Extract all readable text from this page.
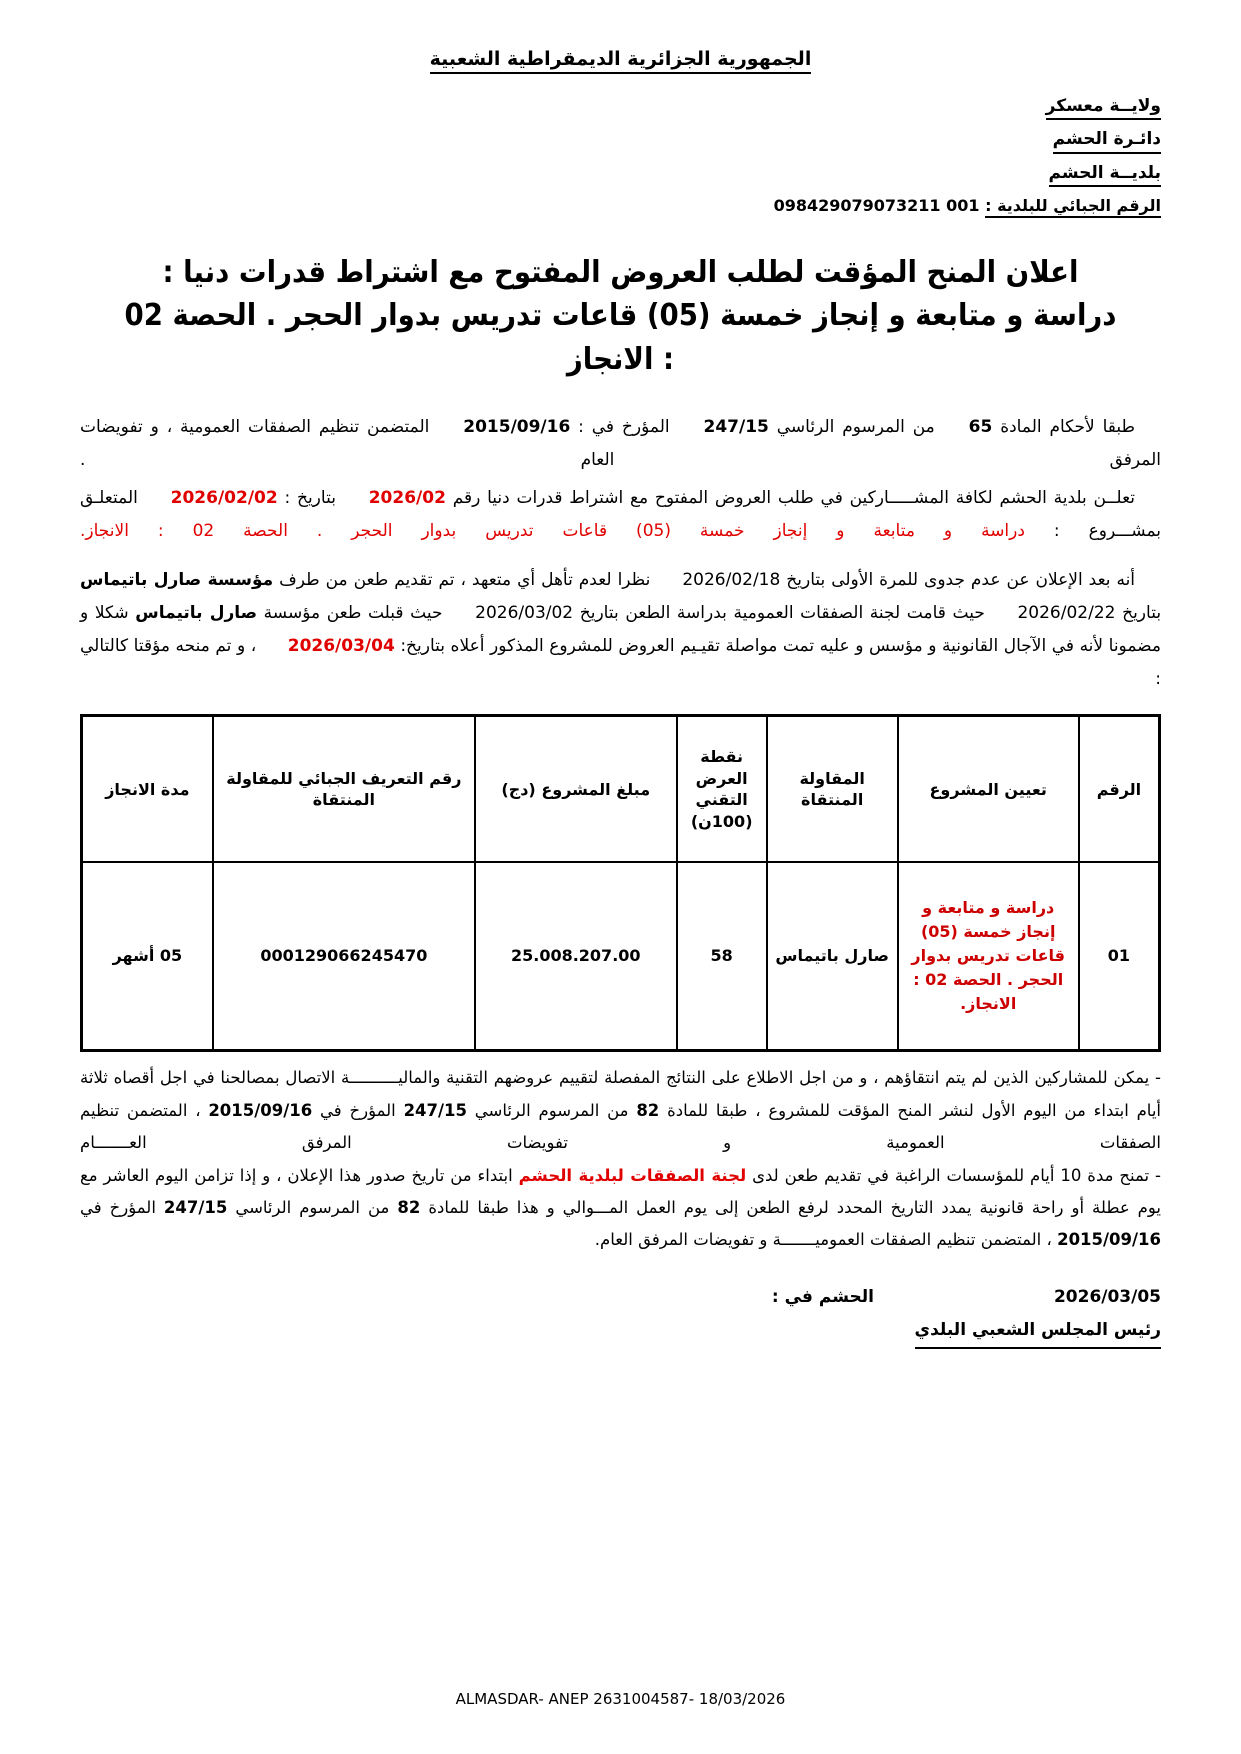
الجمهورية الجزائرية الديمقراطية الشعبية
ولايــة معسكر
دائـرة الحشم
بلديــة الحشم
الرقم الجبائي للبلدية : 098429079073211 001
اعلان المنح المؤقت لطلب العروض المفتوح مع اشتراط قدرات دنيا :
دراسة و متابعة و إنجاز خمسة (05) قاعات تدريس بدوار الحجر . الحصة 02 : الانجاز

طبقا لأحكام المادة 65 من المرسوم الرئاسي 247/15 المؤرخ في : 2015/09/16 المتضمن تنظيم الصفقات العمومية ، و تفويضات المرفق العام .

تعلــن بلدية الحشم لكافة المشـــــاركين في طلب العروض المفتوح مع اشتراط قدرات دنيا رقم 2026/02 بتاريخ : 2026/02/02 المتعلـق بمشـــروع : دراسة و متابعة و إنجاز خمسة (05) قاعات تدريس بدوار الحجر . الحصة 02 : الانجاز.

أنه بعد الإعلان عن عدم جدوى للمرة الأولى بتاريخ 2026/02/18 نظرا لعدم تأهل أي متعهد ، تم تقديم طعن من طرف مؤسسة صارل باتيماس بتاريخ 2026/02/22 حيث قامت لجنة الصفقات العمومية بدراسة الطعن بتاريخ 2026/03/02 حيث قبلت طعن مؤسسة صارل باتيماس شكلا و مضمونا لأنه في الآجال القانونية و مؤسس و عليه تمت مواصلة تقيـيم العروض للمشروع المذكور أعلاه بتاريخ: 2026/03/04 ، و تم منحه مؤقتا كالتالي :

الرقم	تعيين المشروع	المقاولة المنتقاة	نقطة العرض التقني (100ن)	مبلغ المشروع (دج)	رقم التعريف الجبائي للمقاولة المنتقاة	مدة الانجاز
01	دراسة و متابعة و إنجاز خمسة (05) قاعات تدريس بدوار الحجر . الحصة 02 : الانجاز.	صارل باتيماس	58	25.008.207.00	000129066245470	05 أشهر

- يمكن للمشاركين الذين لم يتم انتقاؤهم ، و من اجل الاطلاع على النتائج المفصلة لتقييم عروضهم التقنية والماليــــــــــة الاتصال بمصالحنا في اجل أقصاه ثلاثة أيام ابتداء من اليوم الأول لنشر المنح المؤقت للمشروع ، طبقا للمادة 82 من المرسوم الرئاسي 247/15 المؤرخ في 2015/09/16 ، المتضمن تنظيم الصفقات العمومية و تفويضات المرفق العـــــــام

- تمنح مدة 10 أيام للمؤسسات الراغبة في تقديم طعن لدى لجنة الصفقات لبلدية الحشم ابتداء من تاريخ صدور هذا الإعلان ، و إذا تزامن اليوم العاشر مع يوم عطلة أو راحة قانونية يمدد التاريخ المحدد لرفع الطعن إلى يوم العمل المـــوالي و هذا طبقا للمادة 82 من المرسوم الرئاسي 247/15 المؤرخ في 2015/09/16 ، المتضمن تنظيم الصفقات العموميـــــــة و تفويضات المرفق العام.

2026/03/05
الحشم في :
رئيس المجلس الشعبي البلدي
ALMASDAR- ANEP 2631004587- 18/03/2026
